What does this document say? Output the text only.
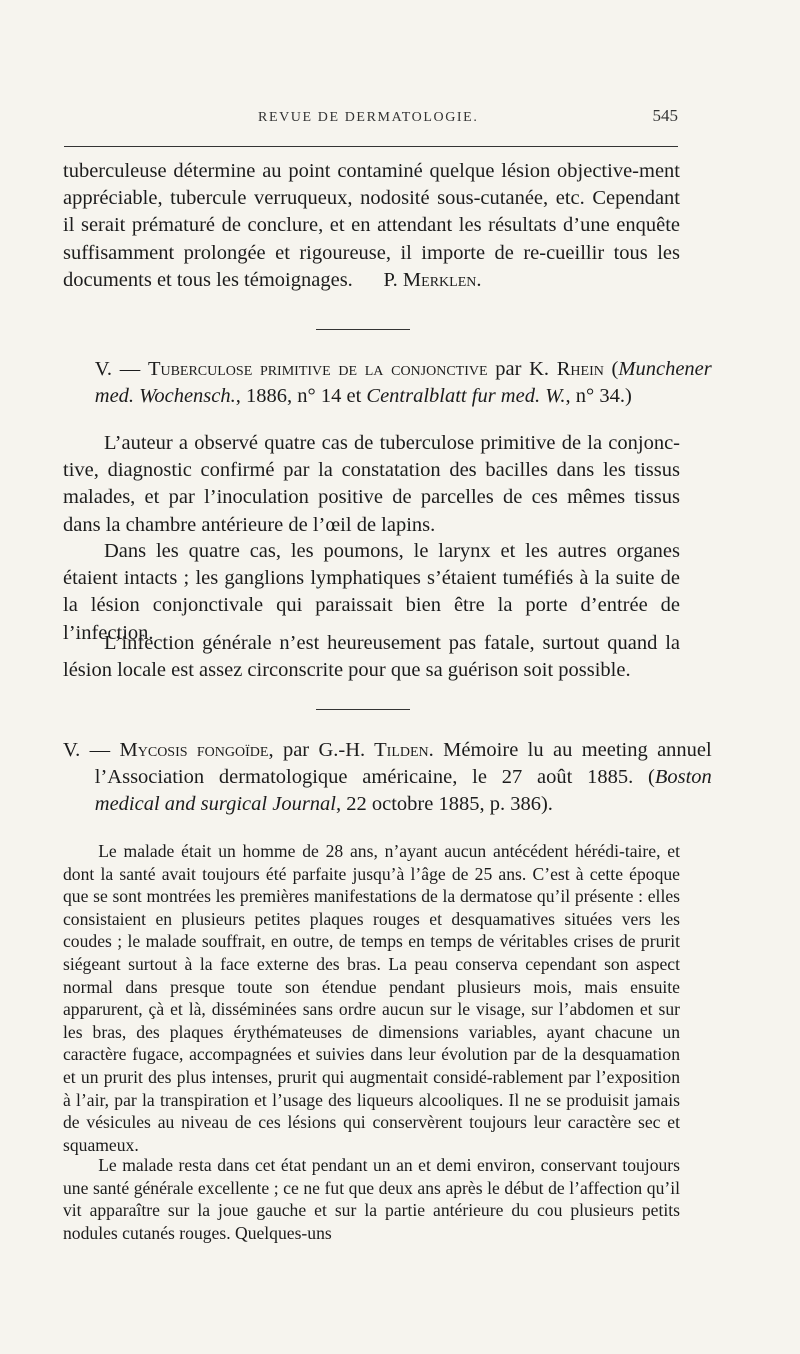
REVUE DE DERMATOLOGIE.	545

tuberculeuse détermine au point contaminé quelque lésion objective-ment appréciable, tubercule verruqueux, nodosité sous-cutanée, etc. Cependant il serait prématuré de conclure, et en attendant les résultats d’une enquête suffisamment prolongée et rigoureuse, il importe de re-cueillir tous les documents et tous les témoignages. P. Merklen.

V. — Tuberculose primitive de la conjonctive par K. Rhein (Munchener med. Wochensch., 1886, n° 14 et Centralblatt fur med. W., n° 34.)

L’auteur a observé quatre cas de tuberculose primitive de la conjonc-tive, diagnostic confirmé par la constatation des bacilles dans les tissus malades, et par l’inoculation positive de parcelles de ces mêmes tissus dans la chambre antérieure de l’œil de lapins.

Dans les quatre cas, les poumons, le larynx et les autres organes étaient intacts ; les ganglions lymphatiques s’étaient tuméfiés à la suite de la lésion conjonctivale qui paraissait bien être la porte d’entrée de l’infection.

L’infection générale n’est heureusement pas fatale, surtout quand la lésion locale est assez circonscrite pour que sa guérison soit possible.

V. — Mycosis fongoïde, par G.-H. Tilden. Mémoire lu au meeting annuel l’Association dermatologique américaine, le 27 août 1885. (Boston medical and surgical Journal, 22 octobre 1885, p. 386).

Le malade était un homme de 28 ans, n’ayant aucun antécédent hérédi-taire, et dont la santé avait toujours été parfaite jusqu’à l’âge de 25 ans. C’est à cette époque que se sont montrées les premières manifestations de la dermatose qu’il présente : elles consistaient en plusieurs petites plaques rouges et desquamatives situées vers les coudes ; le malade souffrait, en outre, de temps en temps de véritables crises de prurit siégeant surtout à la face externe des bras. La peau conserva cependant son aspect normal dans presque toute son étendue pendant plusieurs mois, mais ensuite apparurent, çà et là, disséminées sans ordre aucun sur le visage, sur l’abdomen et sur les bras, des plaques érythémateuses de dimensions variables, ayant chacune un caractère fugace, accompagnées et suivies dans leur évolution par de la desquamation et un prurit des plus intenses, prurit qui augmentait considé-rablement par l’exposition à l’air, par la transpiration et l’usage des liqueurs alcooliques. Il ne se produisit jamais de vésicules au niveau de ces lésions qui conservèrent toujours leur caractère sec et squameux.

Le malade resta dans cet état pendant un an et demi environ, conservant toujours une santé générale excellente ; ce ne fut que deux ans après le début de l’affection qu’il vit apparaître sur la joue gauche et sur la partie antérieure du cou plusieurs petits nodules cutanés rouges. Quelques-uns
